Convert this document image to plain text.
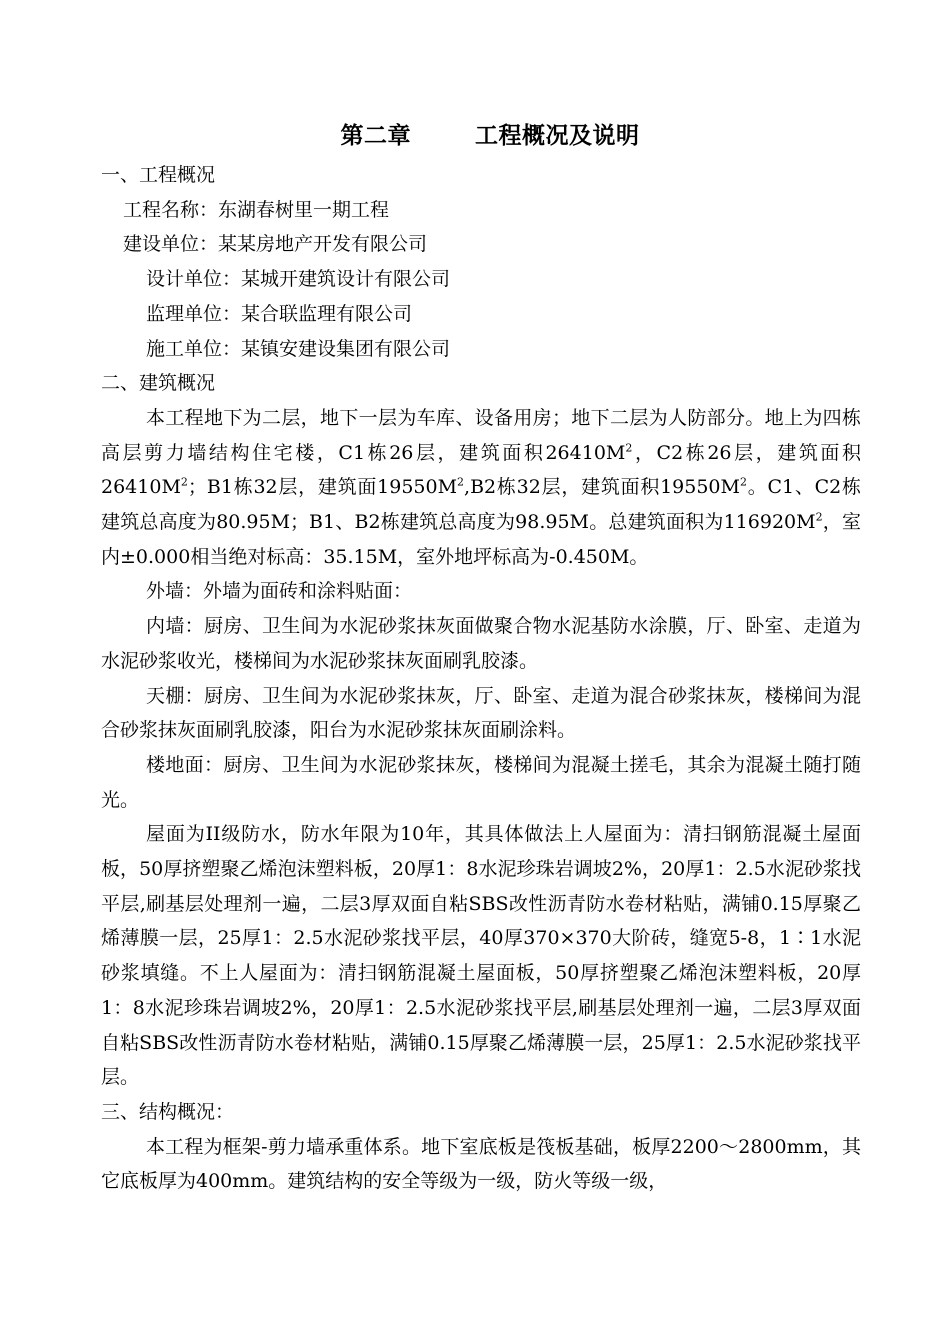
第二章	工程概况及说明

一、工程概况

工程名称：东湖春树里一期工程

建设单位：某某房地产开发有限公司

设计单位：某城开建筑设计有限公司

监理单位：某合联监理有限公司

施工单位：某镇安建设集团有限公司

二、建筑概况

本工程地下为二层，地下一层为车库、设备用房；地下二层为人防部分。地上为四栋高层剪力墙结构住宅楼，C1栋26层，建筑面积$26410M^2$，C2栋26层，建筑面积$26410M^2$；B1栋32层，建筑面$19550M^2,B2$栋32层，建筑面积$19550M^2$。C1、C2栋建筑总高度为80.95M；B1、B2栋建筑总高度为98.95M。总建筑面积为$116920M^2$，室内±0.000相当绝对标高：35.15M，室外地坪标高为-0.450M。

外墙：外墙为面砖和涂料贴面：

内墙：厨房、卫生间为水泥砂浆抹灰面做聚合物水泥基防水涂膜，厅、卧室、走道为水泥砂浆收光，楼梯间为水泥砂浆抹灰面刷乳胶漆。

天棚：厨房、卫生间为水泥砂浆抹灰，厅、卧室、走道为混合砂浆抹灰，楼梯间为混合砂浆抹灰面刷乳胶漆，阳台为水泥砂浆抹灰面刷涂料。

楼地面：厨房、卫生间为水泥砂浆抹灰，楼梯间为混凝土搓毛，其余为混凝土随打随光。

屋面为II级防水，防水年限为10年，其具体做法上人屋面为：清扫钢筋混凝土屋面板，50厚挤塑聚乙烯泡沫塑料板，20厚1：8水泥珍珠岩调坡2%，20厚1：2.5水泥砂浆找平层,刷基层处理剂一遍，二层3厚双面自粘SBS改性沥青防水卷材粘贴，满铺0.15厚聚乙烯薄膜一层，25厚1：2.5水泥砂浆找平层，40厚370×370大阶砖，缝宽5-8，1∶1水泥砂浆填缝。不上人屋面为：清扫钢筋混凝土屋面板，50厚挤塑聚乙烯泡沫塑料板，20厚1：8水泥珍珠岩调坡2%，20厚1：2.5水泥砂浆找平层,刷基层处理剂一遍，二层3厚双面自粘SBS改性沥青防水卷材粘贴，满铺0.15厚聚乙烯薄膜一层，25厚1：2.5水泥砂浆找平层。

三、结构概况：

本工程为框架-剪力墙承重体系。地下室底板是筏板基础，板厚2200～2800mm，其它底板厚为400mm。建筑结构的安全等级为一级，防火等级一级，
